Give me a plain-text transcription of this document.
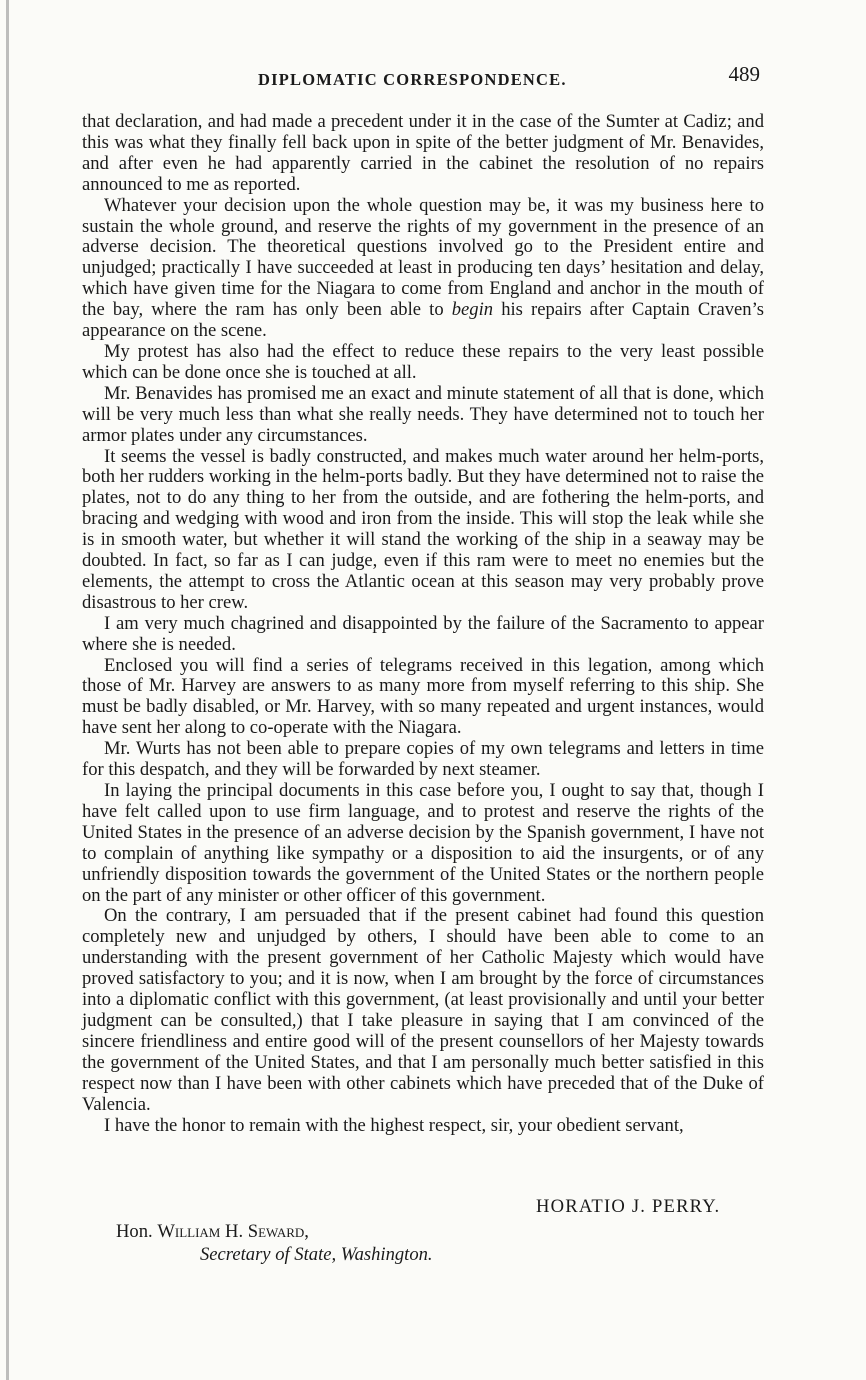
DIPLOMATIC CORRESPONDENCE.	489

that declaration, and had made a precedent under it in the case of the Sumter at Cadiz; and this was what they finally fell back upon in spite of the better judgment of Mr. Benavides, and after even he had apparently carried in the cabinet the resolution of no repairs announced to me as reported.

Whatever your decision upon the whole question may be, it was my business here to sustain the whole ground, and reserve the rights of my government in the presence of an adverse decision. The theoretical questions involved go to the President entire and unjudged; practically I have succeeded at least in producing ten days’ hesitation and delay, which have given time for the Niagara to come from England and anchor in the mouth of the bay, where the ram has only been able to begin his repairs after Captain Craven’s appearance on the scene.

My protest has also had the effect to reduce these repairs to the very least possible which can be done once she is touched at all.

Mr. Benavides has promised me an exact and minute statement of all that is done, which will be very much less than what she really needs. They have determined not to touch her armor plates under any circumstances.

It seems the vessel is badly constructed, and makes much water around her helm-ports, both her rudders working in the helm-ports badly. But they have determined not to raise the plates, not to do any thing to her from the outside, and are fothering the helm-ports, and bracing and wedging with wood and iron from the inside. This will stop the leak while she is in smooth water, but whether it will stand the working of the ship in a seaway may be doubted. In fact, so far as I can judge, even if this ram were to meet no enemies but the elements, the attempt to cross the Atlantic ocean at this season may very probably prove disastrous to her crew.

I am very much chagrined and disappointed by the failure of the Sacramento to appear where she is needed.

Enclosed you will find a series of telegrams received in this legation, among which those of Mr. Harvey are answers to as many more from myself referring to this ship. She must be badly disabled, or Mr. Harvey, with so many repeated and urgent instances, would have sent her along to co-operate with the Niagara.

Mr. Wurts has not been able to prepare copies of my own telegrams and letters in time for this despatch, and they will be forwarded by next steamer.

In laying the principal documents in this case before you, I ought to say that, though I have felt called upon to use firm language, and to protest and reserve the rights of the United States in the presence of an adverse decision by the Spanish government, I have not to complain of anything like sympathy or a disposition to aid the insurgents, or of any unfriendly disposition towards the government of the United States or the northern people on the part of any minister or other officer of this government.

On the contrary, I am persuaded that if the present cabinet had found this question completely new and unjudged by others, I should have been able to come to an understanding with the present government of her Catholic Majesty which would have proved satisfactory to you; and it is now, when I am brought by the force of circumstances into a diplomatic conflict with this government, (at least provisionally and until your better judgment can be consulted,) that I take pleasure in saying that I am convinced of the sincere friendliness and entire good will of the present counsellors of her Majesty towards the government of the United States, and that I am personally much better satisfied in this respect now than I have been with other cabinets which have preceded that of the Duke of Valencia.

I have the honor to remain with the highest respect, sir, your obedient servant,

HORATIO J. PERRY.
Hon. William H. Seward,
Secretary of State, Washington.
